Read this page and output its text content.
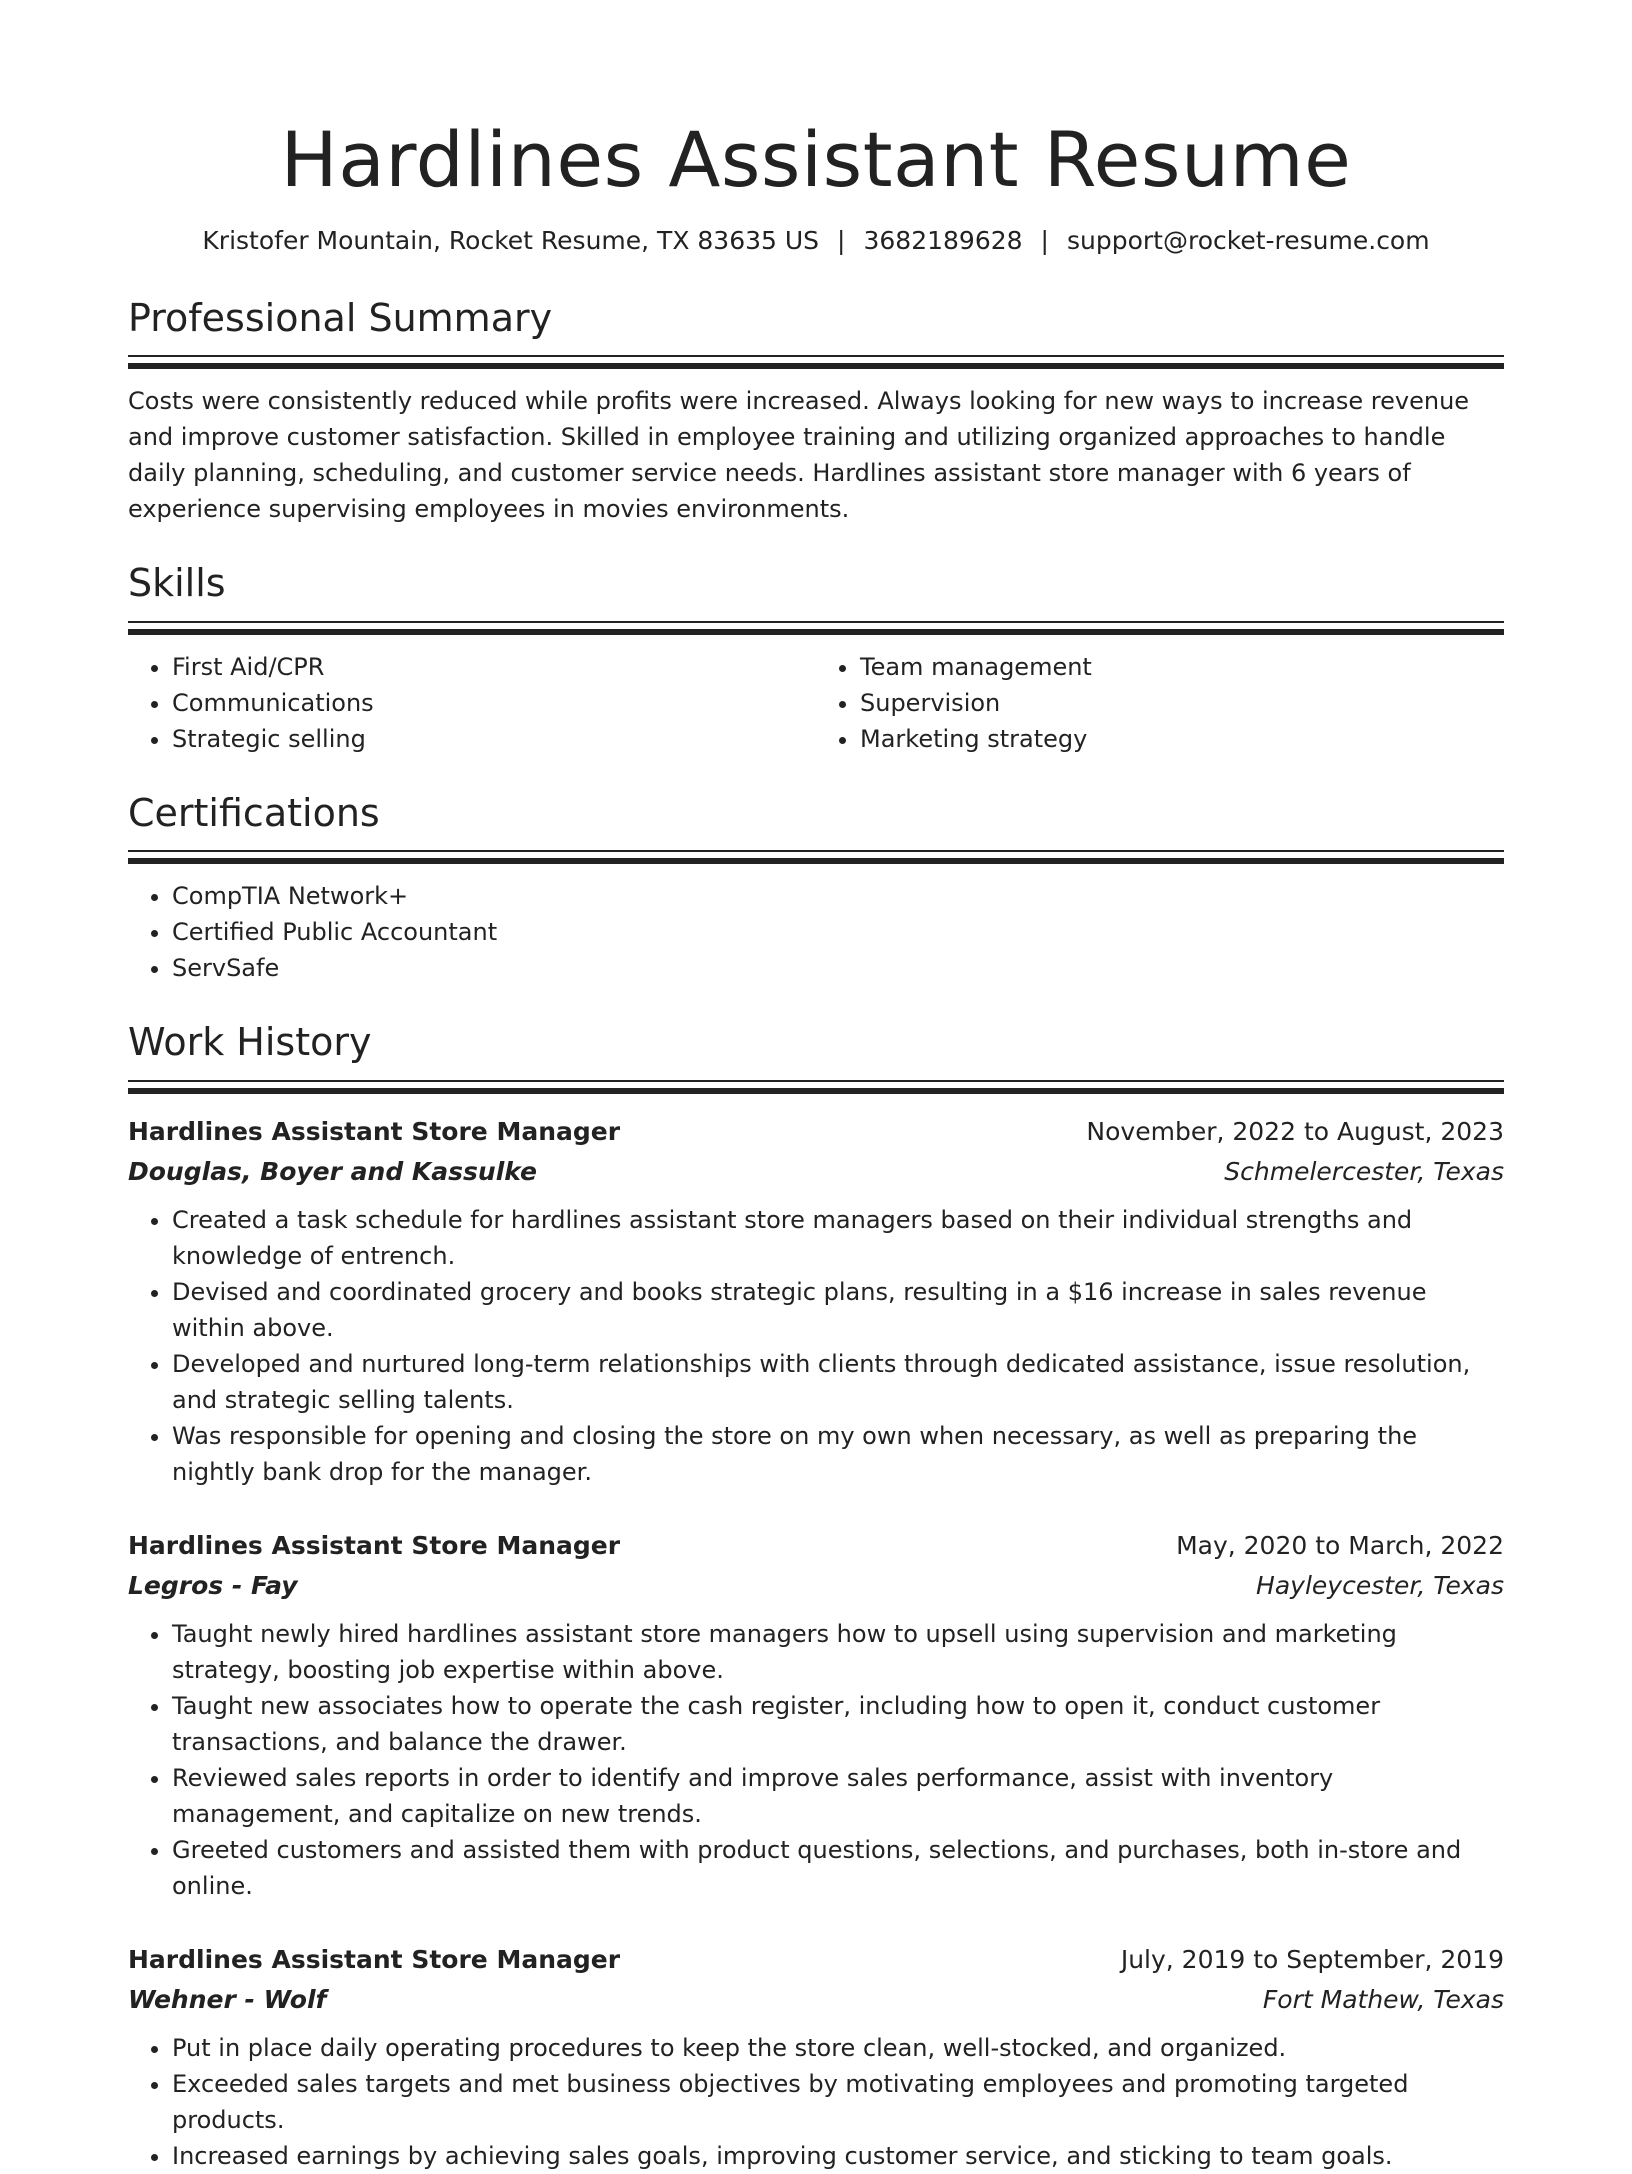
Hardlines Assistant Resume
Kristofer Mountain, Rocket Resume, TX 83635 US | 3682189628 | support@rocket-resume.com
Professional Summary
Costs were consistently reduced while profits were increased. Always looking for new ways to increase revenue and improve customer satisfaction. Skilled in employee training and utilizing organized approaches to handle daily planning, scheduling, and customer service needs. Hardlines assistant store manager with 6 years of experience supervising employees in movies environments.
Skills
• First Aid/CPR
• Communications
• Strategic selling
• Team management
• Supervision
• Marketing strategy
Certifications
• CompTIA Network+
• Certified Public Accountant
• ServSafe
Work History
Hardlines Assistant Store Manager	November, 2022 to August, 2023
Douglas, Boyer and Kassulke	Schmelercester, Texas
• Created a task schedule for hardlines assistant store managers based on their individual strengths and knowledge of entrench.
• Devised and coordinated grocery and books strategic plans, resulting in a $16 increase in sales revenue within above.
• Developed and nurtured long-term relationships with clients through dedicated assistance, issue resolution, and strategic selling talents.
• Was responsible for opening and closing the store on my own when necessary, as well as preparing the nightly bank drop for the manager.
Hardlines Assistant Store Manager	May, 2020 to March, 2022
Legros - Fay	Hayleycester, Texas
• Taught newly hired hardlines assistant store managers how to upsell using supervision and marketing strategy, boosting job expertise within above.
• Taught new associates how to operate the cash register, including how to open it, conduct customer transactions, and balance the drawer.
• Reviewed sales reports in order to identify and improve sales performance, assist with inventory management, and capitalize on new trends.
• Greeted customers and assisted them with product questions, selections, and purchases, both in-store and online.
Hardlines Assistant Store Manager	July, 2019 to September, 2019
Wehner - Wolf	Fort Mathew, Texas
• Put in place daily operating procedures to keep the store clean, well-stocked, and organized.
• Exceeded sales targets and met business objectives by motivating employees and promoting targeted products.
• Increased earnings by achieving sales goals, improving customer service, and sticking to team goals.
